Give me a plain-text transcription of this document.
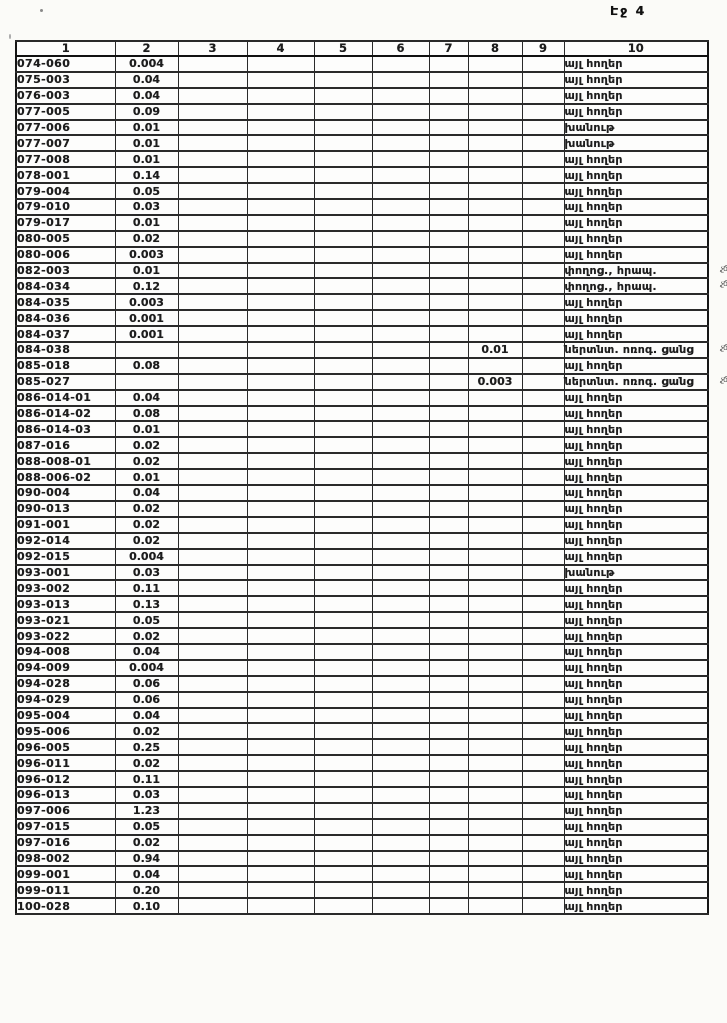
Էջ 4
1	2	3	4	5	6	7	8	9	10
074-060	0.004								այլ հողեր
075-003	0.04								այլ հողեր
076-003	0.04								այլ հողեր
077-005	0.09								այլ հողեր
077-006	0.01								խանութ
077-007	0.01								խանութ
077-008	0.01								այլ հողեր
078-001	0.14								այլ հողեր
079-004	0.05								այլ հողեր
079-010	0.03								այլ հողեր
079-017	0.01								այլ հողեր
080-005	0.02								այլ հողեր
080-006	0.003								այլ հողեր
082-003	0.01								փողոց., հրապ. ,չճ

084-034	0.12								փողոց., հրապ. ,չճ

084-035	0.003								այլ հողեր
084-036	0.001								այլ հողեր
084-037	0.001								այլ հողեր
084-038							0.01		ներտնտ. ոռոգ. ցանց ,չճ

085-018	0.08								այլ հողեր
085-027							0.003		ներտնտ. ոռոգ. ցանց ,չճ

086-014-01	0.04								այլ հողեր
086-014-02	0.08								այլ հողեր
086-014-03	0.01								այլ հողեր
087-016	0.02								այլ հողեր
088-008-01	0.02								այլ հողեր
088-006-02	0.01								այլ հողեր
090-004	0.04								այլ հողեր
090-013	0.02								այլ հողեր
091-001	0.02								այլ հողեր
092-014	0.02								այլ հողեր
092-015	0.004								այլ հողեր
093-001	0.03								խանութ
093-002	0.11								այլ հողեր
093-013	0.13								այլ հողեր
093-021	0.05								այլ հողեր
093-022	0.02								այլ հողեր
094-008	0.04								այլ հողեր
094-009	0.004								այլ հողեր
094-028	0.06								այլ հողեր
094-029	0.06								այլ հողեր
095-004	0.04								այլ հողեր
095-006	0.02								այլ հողեր
096-005	0.25								այլ հողեր
096-011	0.02								այլ հողեր
096-012	0.11								այլ հողեր
096-013	0.03								այլ հողեր
097-006	1.23								այլ հողեր
097-015	0.05								այլ հողեր
097-016	0.02								այլ հողեր
098-002	0.94								այլ հողեր
099-001	0.04								այլ հողեր
099-011	0.20								այլ հողեր
100-028	0.10								այլ հողեր
